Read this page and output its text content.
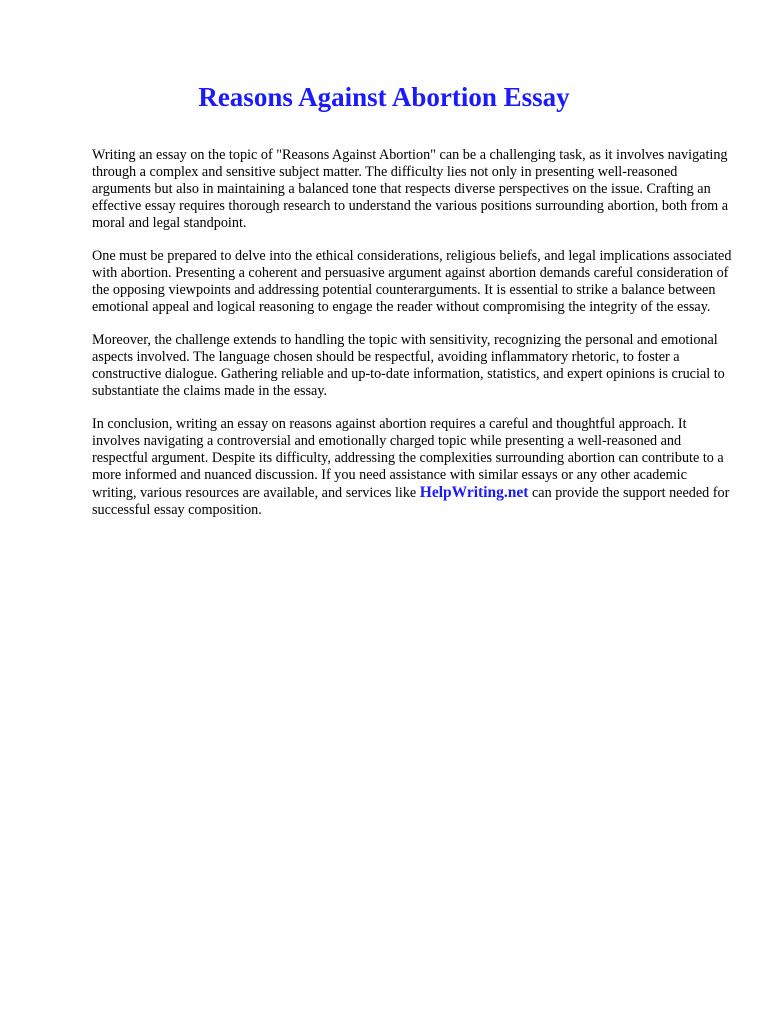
Reasons Against Abortion Essay

Writing an essay on the topic of "Reasons Against Abortion" can be a challenging task, as it involves navigating through a complex and sensitive subject matter. The difficulty lies not only in presenting well-reasoned arguments but also in maintaining a balanced tone that respects diverse perspectives on the issue. Crafting an effective essay requires thorough research to understand the various positions surrounding abortion, both from a moral and legal standpoint.

One must be prepared to delve into the ethical considerations, religious beliefs, and legal implications associated with abortion. Presenting a coherent and persuasive argument against abortion demands careful consideration of the opposing viewpoints and addressing potential counterarguments. It is essential to strike a balance between emotional appeal and logical reasoning to engage the reader without compromising the integrity of the essay.

Moreover, the challenge extends to handling the topic with sensitivity, recognizing the personal and emotional aspects involved. The language chosen should be respectful, avoiding inflammatory rhetoric, to foster a constructive dialogue. Gathering reliable and up-to-date information, statistics, and expert opinions is crucial to substantiate the claims made in the essay.

In conclusion, writing an essay on reasons against abortion requires a careful and thoughtful approach. It involves navigating a controversial and emotionally charged topic while presenting a well-reasoned and respectful argument. Despite its difficulty, addressing the complexities surrounding abortion can contribute to a more informed and nuanced discussion. If you need assistance with similar essays or any other academic writing, various resources are available, and services like HelpWriting.net can provide the support needed for successful essay composition.
